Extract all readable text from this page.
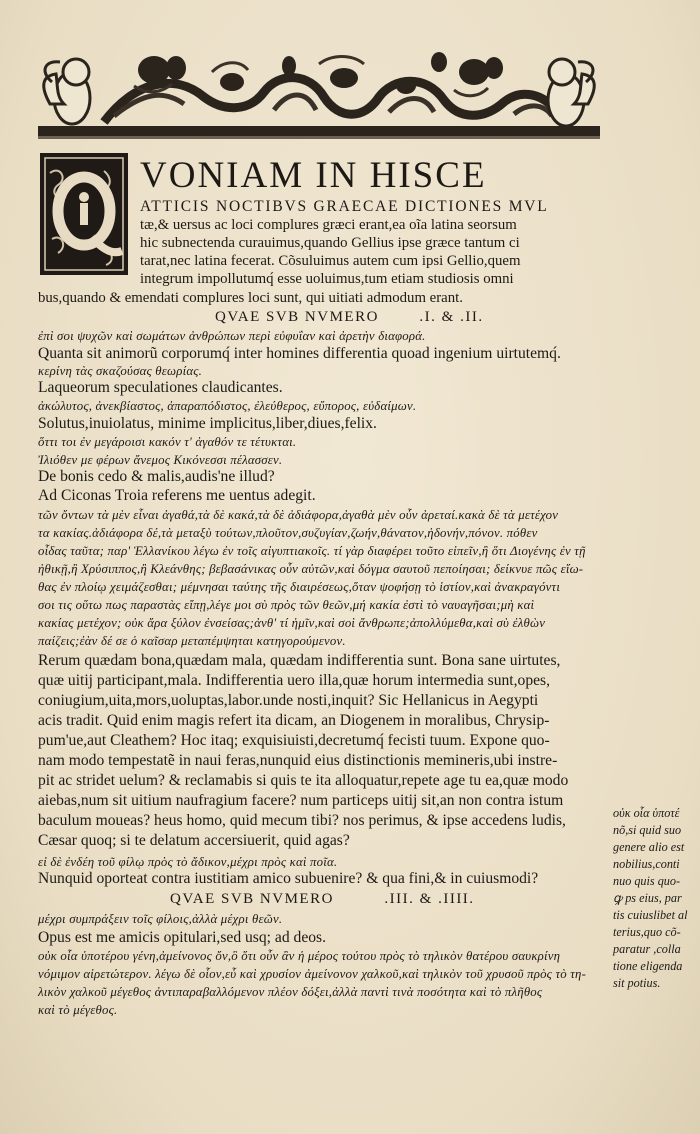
VONIAM IN HISCE
ATTICIS NOCTIBVS GRAECAE DICTIONES MVL
tæ,& uersus ac loci complures græci erant,ea oĩa latina seorsum
hic subnectenda curauimus,quando Gellius ipse græce tantum ci
tarat,nec latina fecerat. Cõsuluimus autem cum ipsi Gellio,quem
integrum impollutumq́ esse uoluimus,tum etiam studiosis omni
bus,quando & emendati complures loci sunt, qui uitiati admodum erant.
QVAE SVB NVMERO	.I. & .II.
ἐπὶ σοι ψυχῶν καὶ σωμάτων ἀνθρώπων περὶ εὐφυΐαν καὶ ἀρετὴν διαφορά.
Quanta sit animorũ corporumq́ inter homines differentia quoad ingenium uirtutemq́.
κερίνη τὰς σκαζούσας θεωρίας.
Laqueorum speculationes claudicantes.
ἀκώλυτος, ἀνεκβίαστος, ἀπαραπόδιστος, ἐλεύθερος, εὔπορος, εὐδαίμων.
Solutus,inuiolatus, minime implicitus,liber,diues,felix.
ὅττι τοι ἐν μεγάροισι κακόν τ' ἀγαθόν τε τέτυκται.
Ἰλιόθεν με φέρων ἄνεμος Κικόνεσσι πέλασσεν.
De bonis cedo & malis,audis'ne illud?
Ad Ciconas Troia referens me uentus adegit.
τῶν ὄντων τὰ μὲν εἶναι ἀγαθά,τὰ δὲ κακά,τὰ δὲ ἀδιάφορα,ἀγαθὰ μὲν οὖν ἀρεταί.κακὰ δὲ τὰ μετέχον
τα κακίας.ἀδιάφορα δέ,τὰ μεταξὺ τούτων,πλοῦτον,συζυγίαν,ζωήν,θάνατον,ἡδονήν,πόνον. πόθεν
οἶδας ταῦτα; παρ' Ἑλλανίκου λέγω ἐν τοῖς αἰγυπτιακοῖς. τί γὰρ διαφέρει τοῦτο εἰπεῖν,ἢ ὅτι Διογένης ἐν τῇ
ἠθικῇ,ἢ Χρύσιππος,ἢ Κλεάνθης; βεβασάνικας οὖν αὐτῶν,καὶ δόγμα σαυτοῦ πεποίησαι; δείκνυε πῶς εἴω-
θας ἐν πλοίῳ χειμάζεσθαι; μέμνησαι ταύτης τῆς διαιρέσεως,ὅταν ψοφήσῃ τὸ ἱστίον,καὶ ἀνακραγόντι
σοι τις οὕτω πως παραστὰς εἴπῃ,λέγε μοι σὺ πρὸς τῶν θεῶν,μή κακία ἐστὶ τὸ ναυαγῆσαι;μὴ καὶ
κακίας μετέχον; οὐκ ἄρα ξύλον ἐνσείσας;ἀνθ' τί ἡμῖν,καὶ σοὶ ἄνθρωπε;ἀπολλύμεθα,καὶ σὺ ἐλθὼν
παίζεις;ἐὰν δέ σε ὁ καῖσαρ μεταπέμψηται κατηγορούμενον.
Rerum quædam bona,quædam mala, quædam indifferentia sunt. Bona sane uirtutes,
quæ uitij participant,mala. Indifferentia uero illa,quæ horum intermedia sunt,opes,
coniugium,uita,mors,uoluptas,labor.unde nosti,inquit? Sic Hellanicus in Aegypti
acis tradit. Quid enim magis refert ita dicam, an Diogenem in moralibus, Chrysip-
pum'ue,aut Cleathem? Hoc itaq; exquisiuisti,decretumq́ fecisti tuum. Expone quo-
nam modo tempestatẽ in naui feras,nunquid eius distinctionis memineris,ubi instre-
pit ac stridet uelum? & reclamabis si quis te ita alloquatur,repete age tu ea,quæ modo
aiebas,num sit uitium naufragium facere? num particeps uitij sit,an non contra istum
baculum moueas? heus homo, quid mecum tibi? nos perimus, & ipse accedens ludis,
Cæsar quoq; si te delatum accersiuerit, quid agas?
εἰ δὲ ἐνδέη τοῦ φίλῳ πρὸς τὸ ἄδικον,μέχρι πρὸς καὶ ποῖα.
Nunquid oporteat contra iustitiam amico subuenire? & qua fini,& in cuiusmodi?
QVAE SVB NVMERO	.III. & .IIII.
μέχρι συμπράξειν τοῖς φίλοις,ἀλλὰ μέχρι θεῶν.
Opus est me amicis opitulari,sed usq; ad deos.
οὐκ οἷα ὑποτέρου γένη,ἀμείνονος ὄν,ὃ ὅτι οὖν ἂν ἡ μέρος τούτου πρὸς τὸ τηλικὸν θατέρου σαυκρίνη
νόμιμον αἱρετώτερον. λέγω δὲ οἷον,εὖ καὶ χρυσίον ἀμείνονον χαλκοῦ,καὶ τηλικὸν τοῦ χρυσοῦ πρὸς τὸ τη-
λικὸν χαλκοῦ μέγεθος ἀντιπαραβαλλόμενον πλέον δόξει,ἀλλὰ παντὶ τινὰ ποσότητα καὶ τὸ πλῆθος
καὶ τὸ μέγεθος.
οὐκ οἷα ὑποτέ
nõ,si quid suo
genere alio est
nobilius,conti
nuo quis quo-
ꝙ ps eius, par
tis cuiuslibet al
terius,quo cõ-
paratur ,colla
tione eligenda
sit potius.
